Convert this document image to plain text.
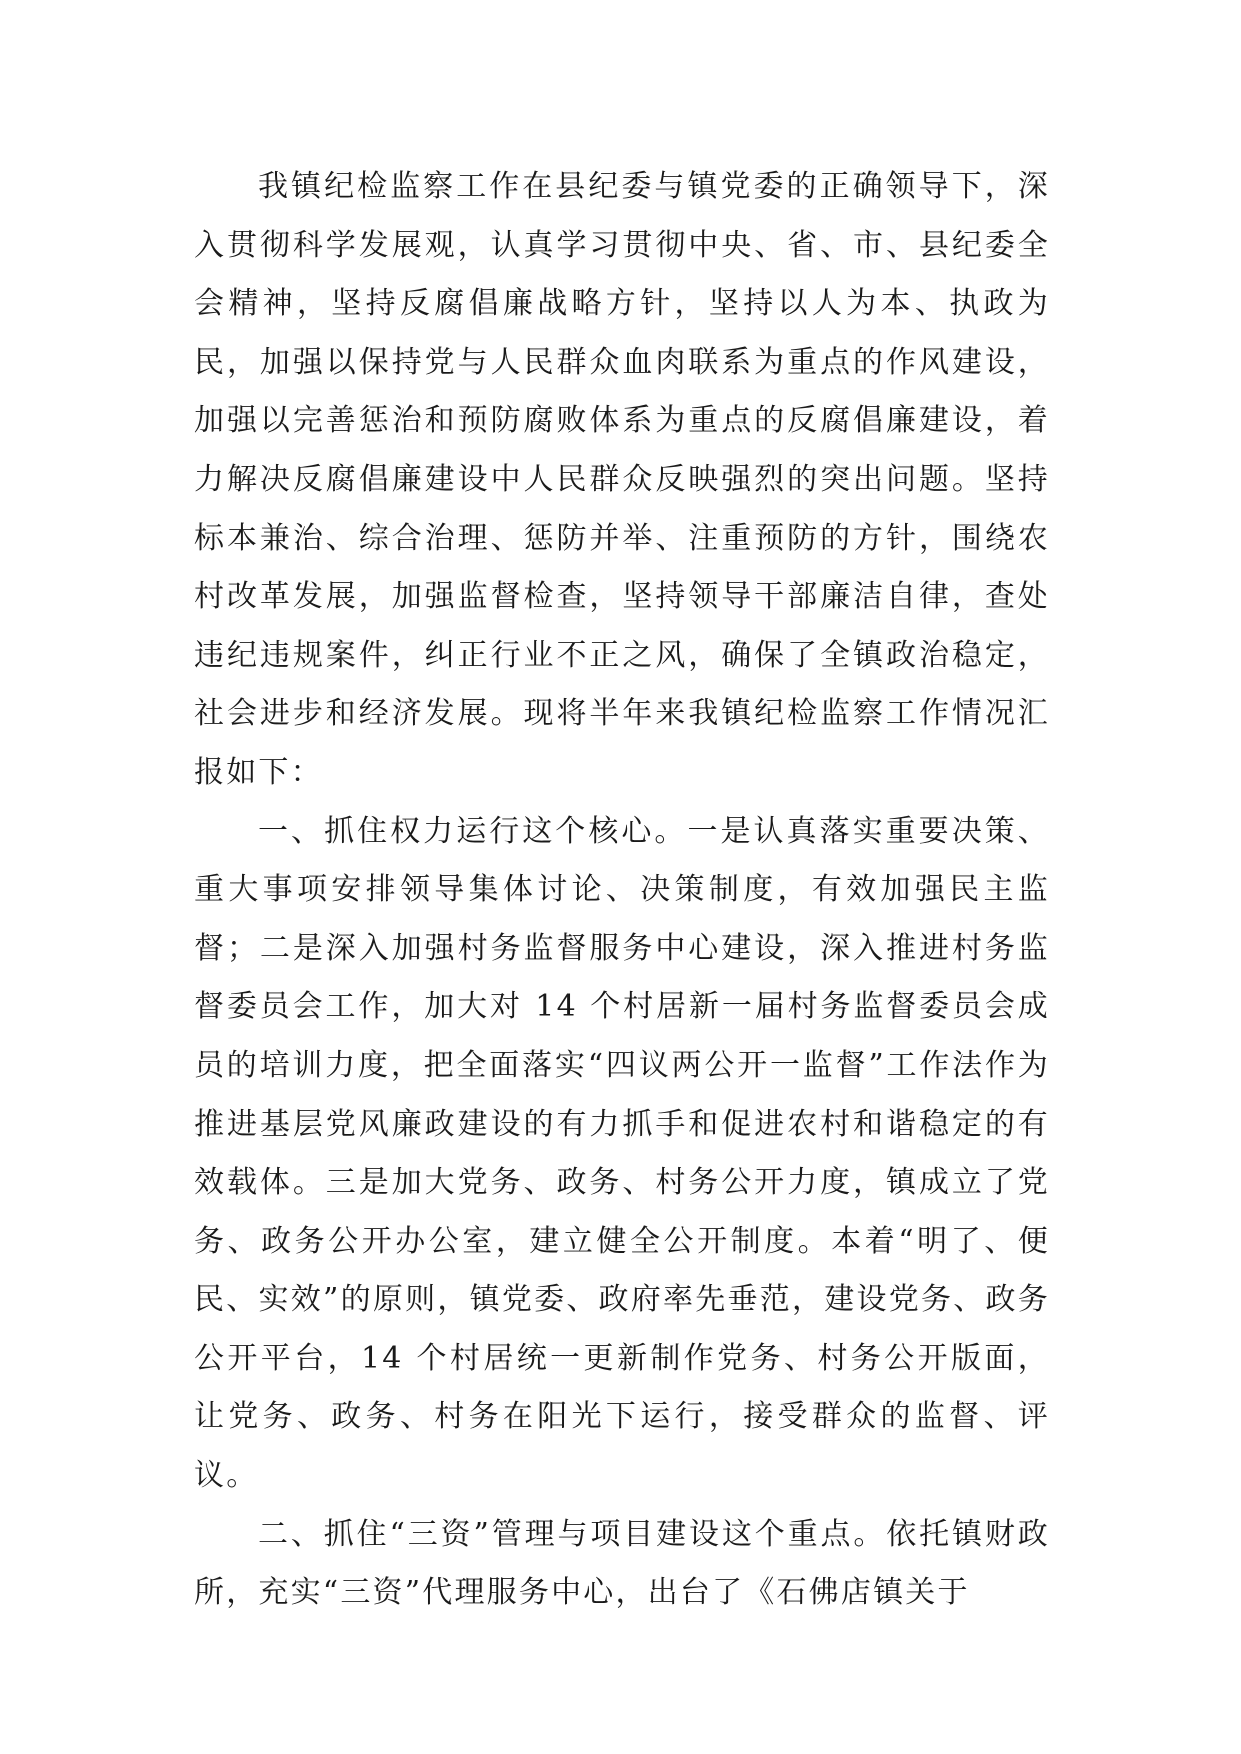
我镇纪检监察工作在县纪委与镇党委的正确领导下，深入贯彻科学发展观，认真学习贯彻中央、省、市、县纪委全会精神，坚持反腐倡廉战略方针，坚持以人为本、执政为民，加强以保持党与人民群众血肉联系为重点的作风建设，加强以完善惩治和预防腐败体系为重点的反腐倡廉建设，着力解决反腐倡廉建设中人民群众反映强烈的突出问题。坚持标本兼治、综合治理、惩防并举、注重预防的方针，围绕农村改革发展，加强监督检查，坚持领导干部廉洁自律，查处违纪违规案件，纠正行业不正之风，确保了全镇政治稳定，社会进步和经济发展。现将半年来我镇纪检监察工作情况汇报如下：

一、抓住权力运行这个核心。一是认真落实重要决策、重大事项安排领导集体讨论、决策制度，有效加强民主监督；二是深入加强村务监督服务中心建设，深入推进村务监督委员会工作，加大对 14 个村居新一届村务监督委员会成员的培训力度，把全面落实“四议两公开一监督”工作法作为推进基层党风廉政建设的有力抓手和促进农村和谐稳定的有效载体。三是加大党务、政务、村务公开力度，镇成立了党务、政务公开办公室，建立健全公开制度。本着“明了、便民、实效”的原则，镇党委、政府率先垂范，建设党务、政务公开平台，14 个村居统一更新制作党务、村务公开版面，让党务、政务、村务在阳光下运行，接受群众的监督、评议。

二、抓住“三资”管理与项目建设这个重点。依托镇财政所，充实“三资”代理服务中心，出台了《石佛店镇关于
